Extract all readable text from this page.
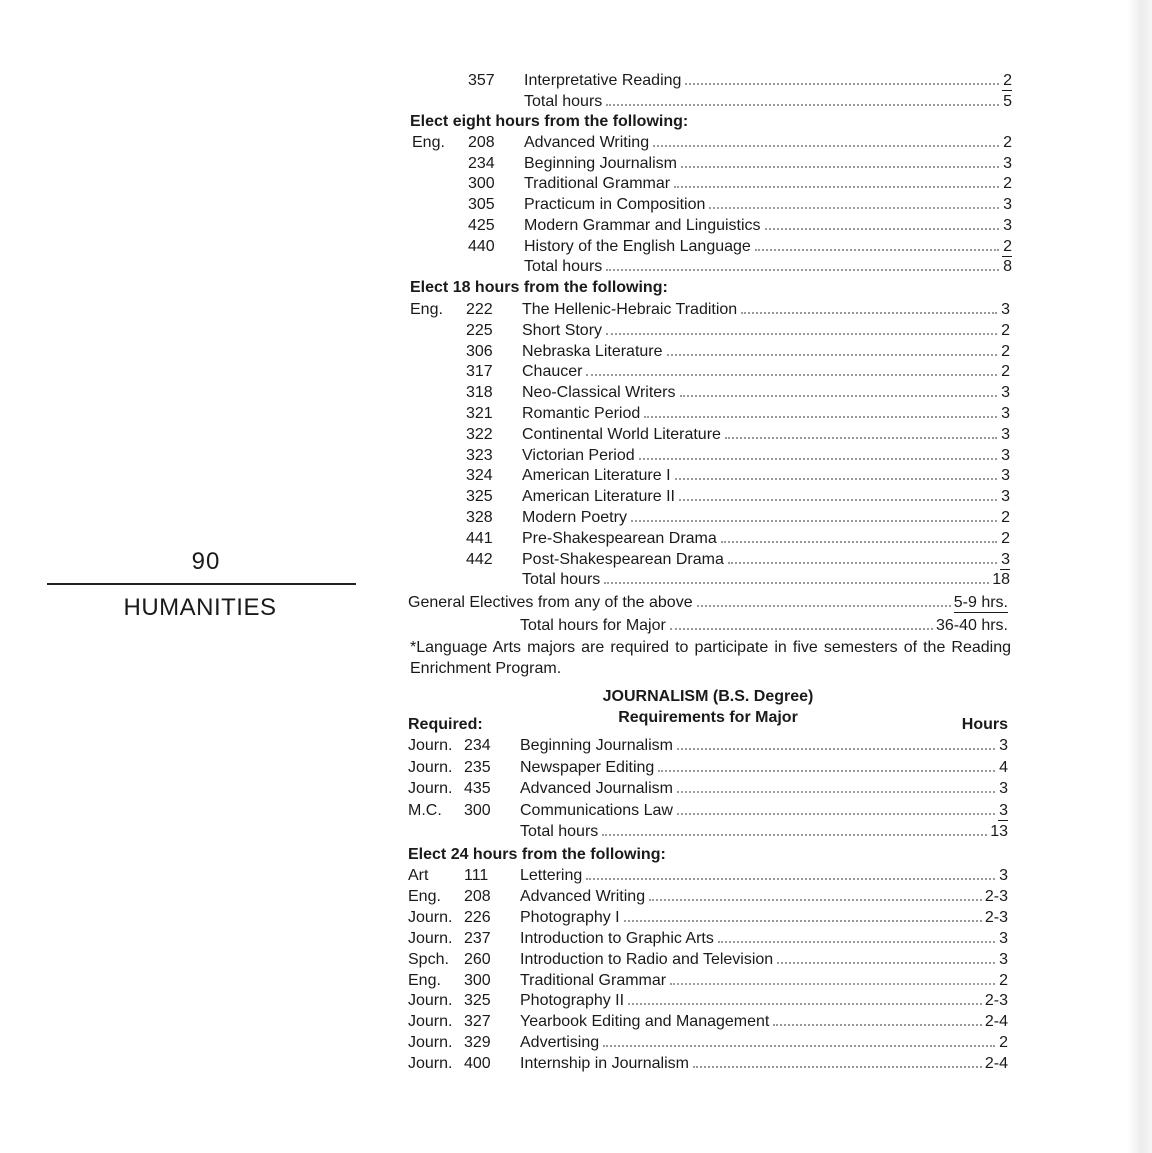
90
HUMANITIES
357	Interpretative Reading	2
Total hours	5
Elect eight hours from the following:
Eng.	208	Advanced Writing	2
234	Beginning Journalism	3
300	Traditional Grammar	2
305	Practicum in Composition	3
425	Modern Grammar and Linguistics	3
440	History of the English Language	2
Total hours	8
Elect 18 hours from the following:
Eng.	222	The Hellenic-Hebraic Tradition	3
225	Short Story	2
306	Nebraska Literature	2
317	Chaucer	2
318	Neo-Classical Writers	3
321	Romantic Period	3
322	Continental World Literature	3
323	Victorian Period	3
324	American Literature I	3
325	American Literature II	3
328	Modern Poetry	2
441	Pre-Shakespearean Drama	2
442	Post-Shakespearean Drama	3
Total hours	18
General Electives from any of the above	5-9 hrs.
Total hours for Major	36-40 hrs.
*Language Arts majors are required to participate in five semesters of the Reading Enrichment Program.
JOURNALISM (B.S. Degree)
Requirements for Major
Required:	Hours
Journ. 234	Beginning Journalism	3
Journ. 235	Newspaper Editing	4
Journ. 435	Advanced Journalism	3
M.C.	300	Communications Law	3
Total hours	13
Elect 24 hours from the following:
Art	111	Lettering	3
Eng.	208	Advanced Writing	2-3
Journ. 226	Photography I	2-3
Journ. 237	Introduction to Graphic Arts	3
Spch. 260	Introduction to Radio and Television	3
Eng.	300	Traditional Grammar	2
Journ. 325	Photography II	2-3
Journ. 327	Yearbook Editing and Management	2-4
Journ. 329	Advertising	2
Journ. 400	Internship in Journalism	2-4
